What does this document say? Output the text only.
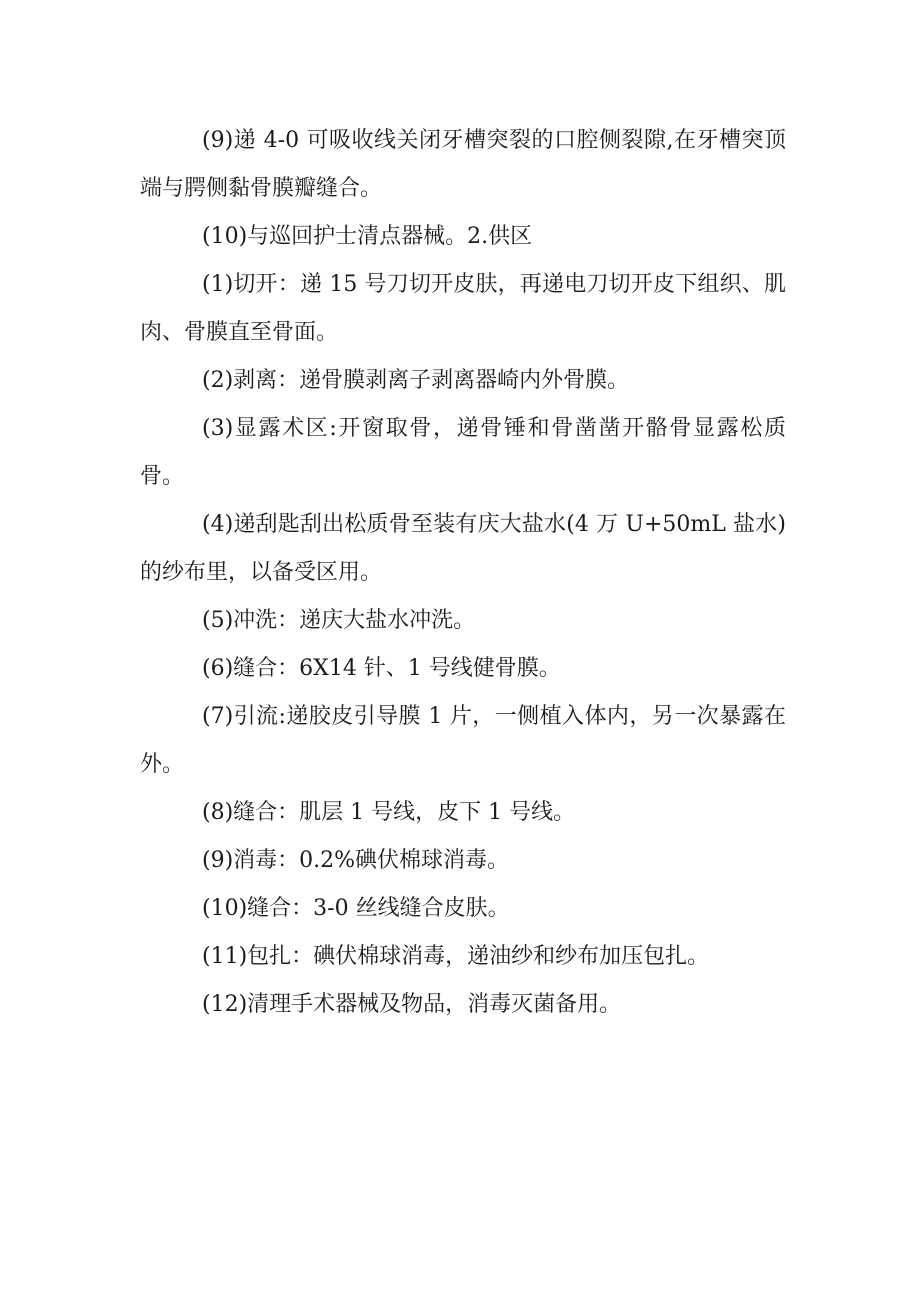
(9)递 4-0 可吸收线关闭牙槽突裂的口腔侧裂隙,在牙槽突顶端与腭侧黏骨膜瓣缝合。

(10)与巡回护士清点器械。2.供区

(1)切开：递 15 号刀切开皮肤，再递电刀切开皮下组织、肌肉、骨膜直至骨面。

(2)剥离：递骨膜剥离子剥离器崎内外骨膜。

(3)显露术区:开窗取骨，递骨锤和骨凿凿开骼骨显露松质骨。

(4)递刮匙刮出松质骨至装有庆大盐水(4 万 U+50mL 盐水)的纱布里，以备受区用。

(5)冲洗：递庆大盐水冲洗。

(6)缝合：6X14 针、1 号线健骨膜。

(7)引流:递胶皮引导膜 1 片，一侧植入体内，另一次暴露在外。

(8)缝合：肌层 1 号线，皮下 1 号线。

(9)消毒：0.2%碘伏棉球消毒。

(10)缝合：3-0 丝线缝合皮肤。

(11)包扎：碘伏棉球消毒，递油纱和纱布加压包扎。

(12)清理手术器械及物品，消毒灭菌备用。
